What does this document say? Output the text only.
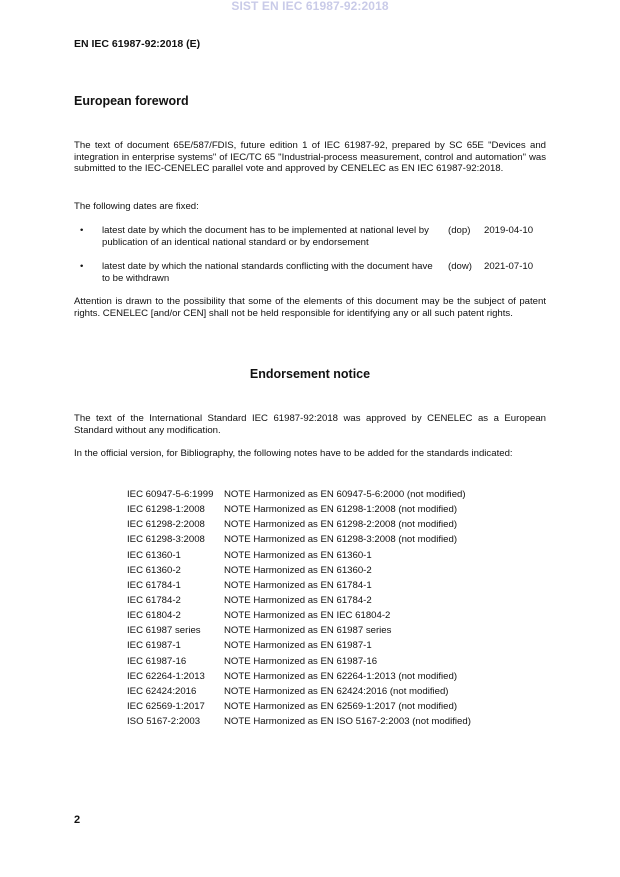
SIST EN IEC 61987-92:2018
EN IEC 61987-92:2018 (E)
European foreword
The text of document 65E/587/FDIS, future edition 1 of IEC 61987-92, prepared by SC 65E "Devices and integration in enterprise systems" of IEC/TC 65 "Industrial-process measurement, control and automation" was submitted to the IEC-CENELEC parallel vote and approved by CENELEC as EN IEC 61987-92:2018.
The following dates are fixed:
• latest date by which the document has to be implemented at national level by publication of an identical national standard or by endorsement
(dop) 2019-04-10
• latest date by which the national standards conflicting with the document have to be withdrawn
(dow) 2021-07-10
Attention is drawn to the possibility that some of the elements of this document may be the subject of patent rights. CENELEC [and/or CEN] shall not be held responsible for identifying any or all such patent rights.
Endorsement notice
The text of the International Standard IEC 61987-92:2018 was approved by CENELEC as a European Standard without any modification.
In the official version, for Bibliography, the following notes have to be added for the standards indicated:
IEC 60947-5-6:1999 NOTE Harmonized as EN 60947-5-6:2000 (not modified)
IEC 61298-1:2008 NOTE Harmonized as EN 61298-1:2008 (not modified)
IEC 61298-2:2008 NOTE Harmonized as EN 61298-2:2008 (not modified)
IEC 61298-3:2008 NOTE Harmonized as EN 61298-3:2008 (not modified)
IEC 61360-1	NOTE Harmonized as EN 61360-1
IEC 61360-2	NOTE Harmonized as EN 61360-2
IEC 61784-1	NOTE Harmonized as EN 61784-1
IEC 61784-2	NOTE Harmonized as EN 61784-2
IEC 61804-2	NOTE Harmonized as EN IEC 61804-2
IEC 61987 series NOTE Harmonized as EN 61987 series
IEC 61987-1	NOTE Harmonized as EN 61987-1
IEC 61987-16	NOTE Harmonized as EN 61987-16
IEC 62264-1:2013 NOTE Harmonized as EN 62264-1:2013 (not modified)
IEC 62424:2016	NOTE Harmonized as EN 62424:2016 (not modified)
IEC 62569-1:2017 NOTE Harmonized as EN 62569-1:2017 (not modified)
ISO 5167-2:2003 NOTE Harmonized as EN ISO 5167-2:2003 (not modified)
2
